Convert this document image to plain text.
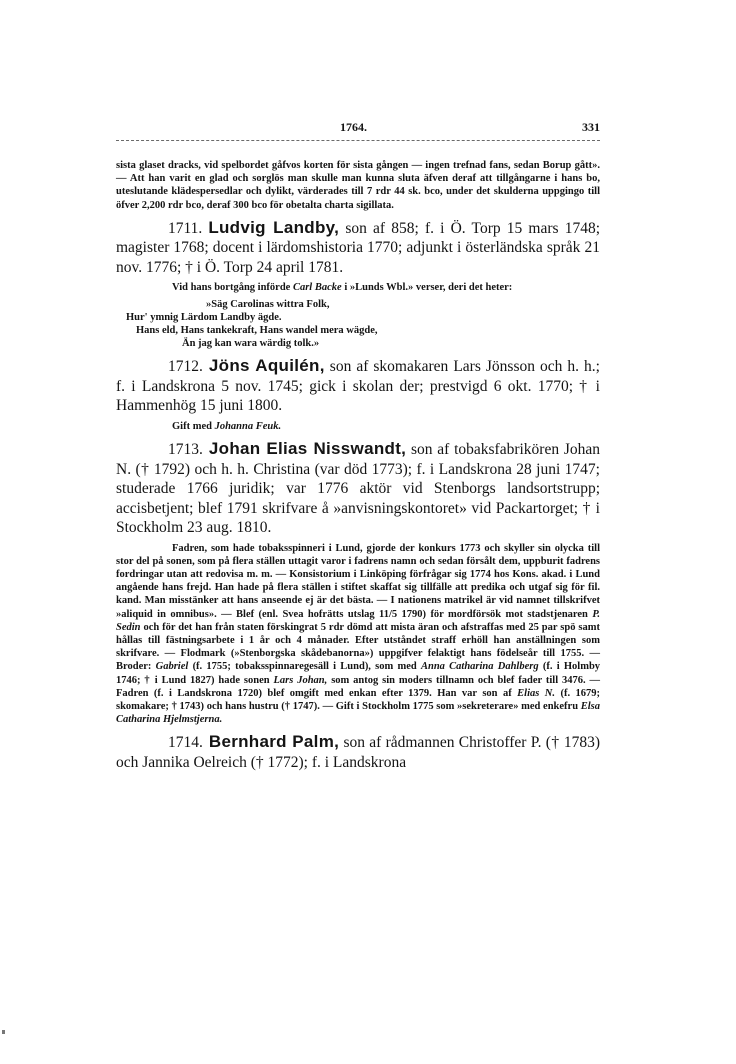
1764.	331

sista glaset dracks, vid spelbordet gåfvos korten för sista gången — ingen trefnad fans, sedan Borup gått». — Att han varit en glad och sorglös man skulle man kunna sluta äfven deraf att tillgångarne i hans bo, uteslutande klädespersedlar och dylikt, värderades till 7 rdr 44 sk. bco, under det skulderna uppgingo till öfver 2,200 rdr bco, deraf 300 bco för obetalta charta sigillata.

1711. Ludvig Landby, son af 858; f. i Ö. Torp 15 mars 1748; magister 1768; docent i lärdomshistoria 1770; adjunkt i österländska språk 21 nov. 1776; † i Ö. Torp 24 april 1781.

Vid hans bortgång införde Carl Backe i »Lunds Wbl.» verser, deri det heter:

»Säg Carolinas wittra Folk,
Hur' ymnig Lärdom Landby ägde.
Hans eld, Hans tankekraft, Hans wandel mera wägde,
Än jag kan wara wärdig tolk.»

1712. Jöns Aquilén, son af skomakaren Lars Jönsson och h. h.; f. i Landskrona 5 nov. 1745; gick i skolan der; prestvigd 6 okt. 1770; † i Hammenhög 15 juni 1800.

Gift med Johanna Feuk.

1713. Johan Elias Nisswandt, son af tobaksfabrikören Johan N. († 1792) och h. h. Christina (var död 1773); f. i Landskrona 28 juni 1747; studerade 1766 juridik; var 1776 aktör vid Stenborgs landsortstrupp; accisbetjent; blef 1791 skrifvare å »anvisningskontoret» vid Packartorget; † i Stockholm 23 aug. 1810.

Fadren, som hade tobaksspinneri i Lund, gjorde der konkurs 1773 och skyller sin olycka till stor del på sonen, som på flera ställen uttagit varor i fadrens namn och sedan försålt dem, uppburit fadrens fordringar utan att redovisa m. m. — Konsistorium i Linköping förfrågar sig 1774 hos Kons. akad. i Lund angående hans frejd. Han hade på flera ställen i stiftet skaffat sig tillfälle att predika och utgaf sig för fil. kand. Man misstänker att hans anseende ej är det bästa. — I nationens matrikel är vid namnet tillskrifvet »aliquid in omnibus». — Blef (enl. Svea hofrätts utslag 11/5 1790) för mordförsök mot stadstjenaren P. Sedin och för det han från staten förskingrat 5 rdr dömd att mista äran och afstraffas med 25 par spö samt hållas till fästningsarbete i 1 år och 4 månader. Efter utståndet straff erhöll han anställningen som skrifvare. — Flodmark (»Stenborgska skådebanorna») uppgifver felaktigt hans födelseår till 1755. — Broder: Gabriel (f. 1755; tobaksspinnaregesäll i Lund), som med Anna Catharina Dahlberg (f. i Holmby 1746; † i Lund 1827) hade sonen Lars Johan, som antog sin moders tillnamn och blef fader till 3476. — Fadren (f. i Landskrona 1720) blef omgift med enkan efter 1379. Han var son af Elias N. (f. 1679; skomakare; † 1743) och hans hustru († 1747). — Gift i Stockholm 1775 som »sekreterare» med enkefru Elsa Catharina Hjelmstjerna.

1714. Bernhard Palm, son af rådmannen Christoffer P. († 1783) och Jannika Oelreich († 1772); f. i Landskrona
